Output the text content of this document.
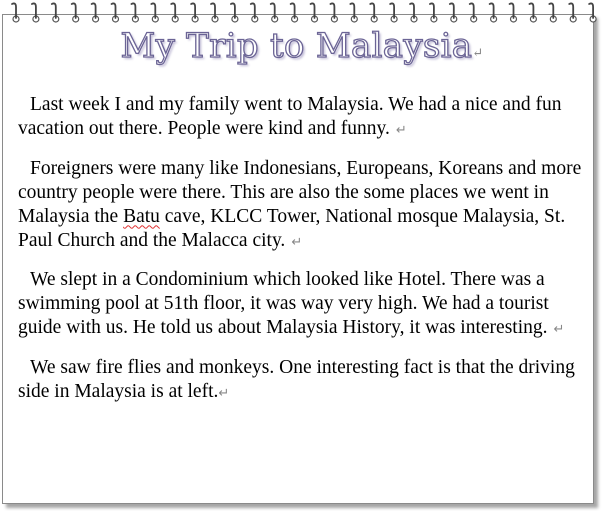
My Trip to Malaysia↵

Last week I and my family went to Malaysia. We had a nice and fun vacation out there. People were kind and funny. ↵

Foreigners were many like Indonesians, Europeans, Koreans and more country people were there. This are also the some places we went in Malaysia the Batu cave, KLCC Tower, National mosque Malaysia, St. Paul Church and the Malacca city. ↵

We slept in a Condominium which looked like Hotel. There was a swimming pool at 51th floor, it was way very high. We had a tourist guide with us. He told us about Malaysia History, it was interesting. ↵

We saw fire flies and monkeys. One interesting fact is that the driving side in Malaysia is at left.↵
